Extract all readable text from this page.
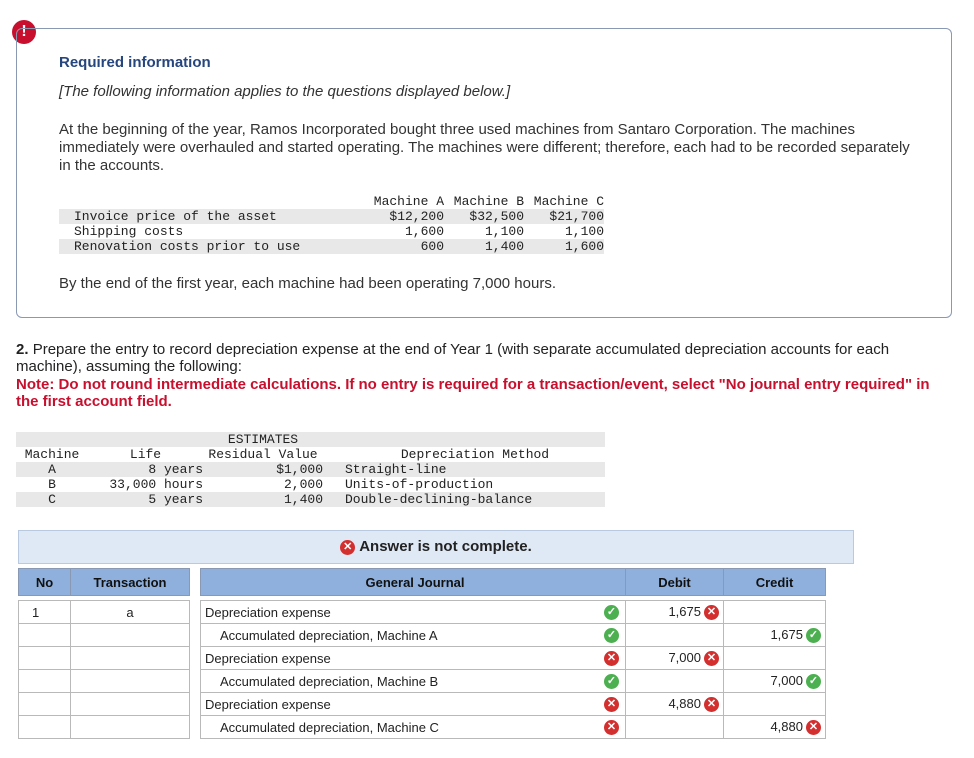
!
Required information
[The following information applies to the questions displayed below.]
At the beginning of the year, Ramos Incorporated bought three used machines from Santaro Corporation. The machines immediately were overhauled and started operating. The machines were different; therefore, each had to be recorded separately in the accounts.
	Machine A	Machine B	Machine C
Invoice price of the asset	$12,200	$32,500	$21,700
Shipping costs	1,600	1,100	1,100
Renovation costs prior to use	600	1,400	1,600
By the end of the first year, each machine had been operating 7,000 hours.
2. Prepare the entry to record depreciation expense at the end of Year 1 (with separate accumulated depreciation accounts for each machine), assuming the following:
Note: Do not round intermediate calculations. If no entry is required for a transaction/event, select "No journal entry required" in the first account field.
		ESTIMATES	
Machine	Life	Residual Value	Depreciation Method
A	8 years	$1,000	Straight-line
B	33,000 hours	2,000	Units-of-production
C	5 years	1,400	Double-declining-balance
✕ Answer is not complete.
No	Transaction		General Journal	Debit	Credit

1	a		Depreciation expense ✓	1,675 ✕	
			Accumulated depreciation, Machine A ✓		1,675 ✓
			Depreciation expense ✕	7,000 ✕	
			Accumulated depreciation, Machine B ✓		7,000 ✓
			Depreciation expense ✕	4,880 ✕	
			Accumulated depreciation, Machine C ✕		4,880 ✕
